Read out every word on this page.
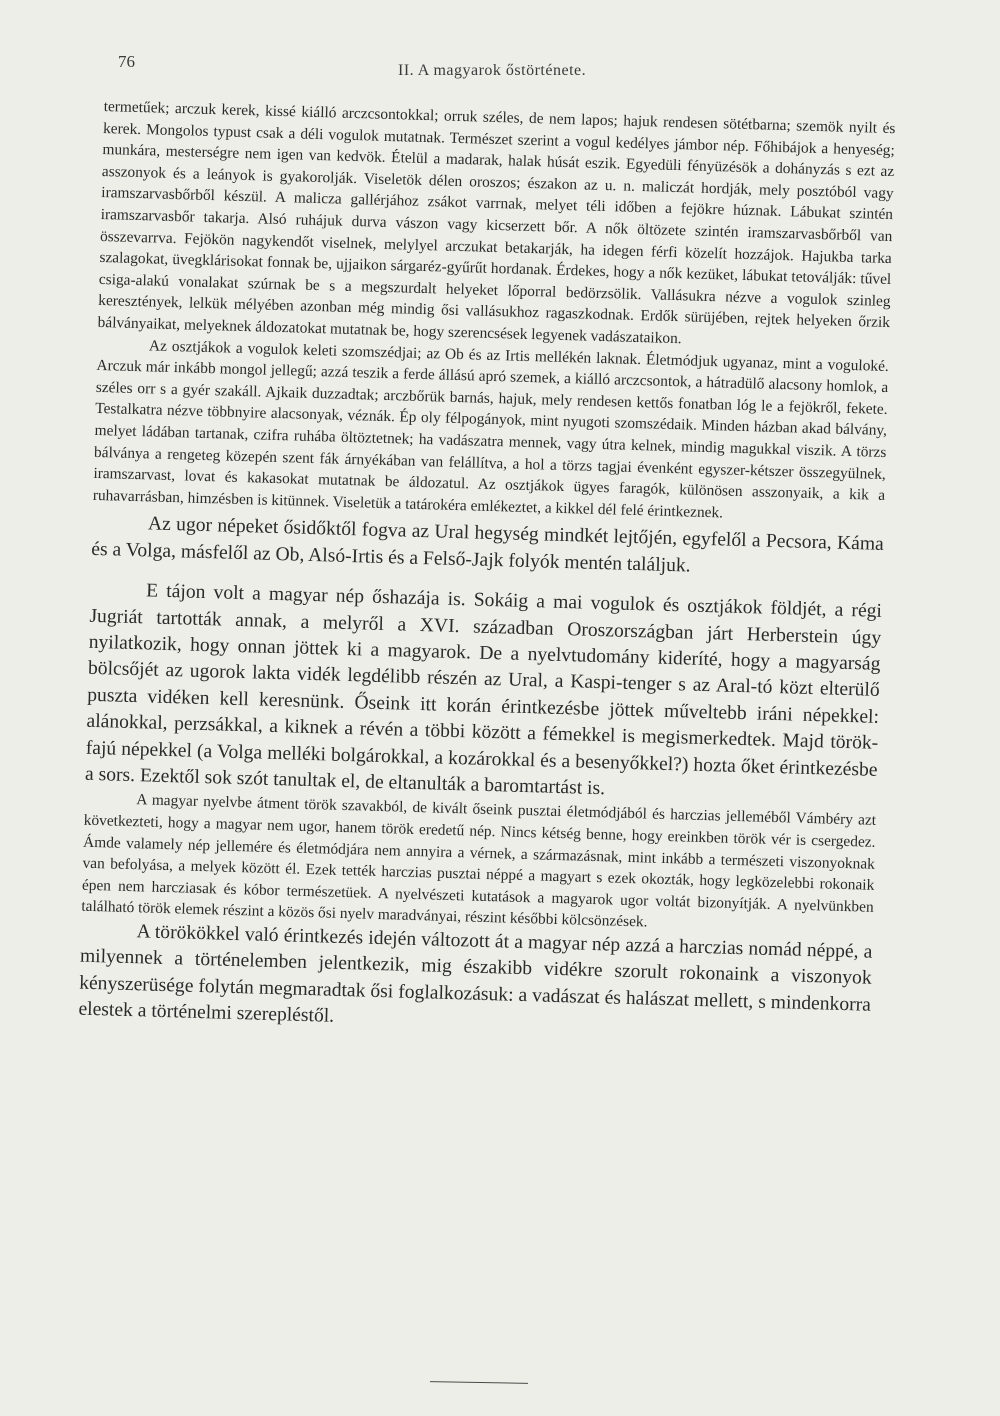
76	II. A magyarok őstörténete.

termetűek; arczuk kerek, kissé kiálló arczcsontokkal; orruk széles, de nem lapos; hajuk rendesen sötétbarna; szemök nyilt és kerek. Mongolos typust csak a déli vogulok mutatnak. Természet szerint a vogul kedélyes jámbor nép. Főhibájok a henyeség; munkára, mesterségre nem igen van kedvök. Ételül a madarak, halak húsát eszik. Egyedüli fényüzésök a dohányzás s ezt az asszonyok és a leányok is gyakorolják. Viseletök délen oroszos; északon az u. n. maliczát hordják, mely posztóból vagy iramszarvasbőrből készül. A malicza gallérjához zsákot varrnak, melyet téli időben a fejökre húznak. Lábukat szintén iramszarvasbőr takarja. Alsó ruhájuk durva vászon vagy kicserzett bőr. A nők öltözete szintén iramszarvasbőrből van összevarrva. Fejökön nagykendőt viselnek, melylyel arczukat betakarják, ha idegen férfi közelít hozzájok. Hajukba tarka szalagokat, üvegklárisokat fonnak be, ujjaikon sárgaréz-gyűrűt hordanak. Érdekes, hogy a nők kezüket, lábukat tetoválják: tűvel csiga-alakú vonalakat szúrnak be s a megszurdalt helyeket lőporral bedörzsölik. Vallásukra nézve a vogulok szinleg keresztények, lelkük mélyében azonban még mindig ősi vallásukhoz ragaszkodnak. Erdők sürüjében, rejtek helyeken őrzik bálványaikat, melyeknek áldozatokat mutatnak be, hogy szerencsések legyenek vadászataikon.

Az osztjákok a vogulok keleti szomszédjai; az Ob és az Irtis mellékén laknak. Életmódjuk ugyanaz, mint a voguloké. Arczuk már inkább mongol jellegű; azzá teszik a ferde állású apró szemek, a kiálló arczcsontok, a hátradülő alacsony homlok, a széles orr s a gyér szakáll. Ajkaik duzzadtak; arczbőrük barnás, hajuk, mely rendesen kettős fonatban lóg le a fejökről, fekete. Testalkatra nézve többnyire alacsonyak, véznák. Ép oly félpogányok, mint nyugoti szomszédaik. Minden házban akad bálvány, melyet ládában tartanak, czifra ruhába öltöztetnek; ha vadászatra mennek, vagy útra kelnek, mindig magukkal viszik. A törzs bálványa a rengeteg közepén szent fák árnyékában van felállítva, a hol a törzs tagjai évenként egyszer-kétszer összegyülnek, iramszarvast, lovat és kakasokat mutatnak be áldozatul. Az osztjákok ügyes faragók, különösen asszonyaik, a kik a ruhavarrásban, himzésben is kitünnek. Viseletük a tatárokéra emlékeztet, a kikkel dél felé érintkeznek.

Az ugor népeket ősidőktől fogva az Ural hegység mindkét lejtőjén, egyfelől a Pecsora, Káma és a Volga, másfelől az Ob, Alsó-Irtis és a Felső-Jajk folyók mentén találjuk.

E tájon volt a magyar nép őshazája is. Sokáig a mai vogulok és osztjákok földjét, a régi Jugriát tartották annak, a melyről a XVI. században Oroszországban járt Herberstein úgy nyilatkozik, hogy onnan jöttek ki a magyarok. De a nyelvtudomány kideríté, hogy a magyarság bölcsőjét az ugorok lakta vidék legdélibb részén az Ural, a Kaspi-tenger s az Aral-tó közt elterülő puszta vidéken kell keresnünk. Őseink itt korán érintkezésbe jöttek műveltebb iráni népekkel: alánokkal, perzsákkal, a kiknek a révén a többi között a fémekkel is megismerkedtek. Majd török-fajú népekkel (a Volga melléki bolgárokkal, a kozárokkal és a besenyőkkel?) hozta őket érintkezésbe a sors. Ezektől sok szót tanultak el, de eltanulták a baromtartást is.

A magyar nyelvbe átment török szavakból, de kivált őseink pusztai életmódjából és harczias jelleméből Vámbéry azt következteti, hogy a magyar nem ugor, hanem török eredetű nép. Nincs kétség benne, hogy ereinkben török vér is csergedez. Ámde valamely nép jellemére és életmódjára nem annyira a vérnek, a származásnak, mint inkább a természeti viszonyoknak van befolyása, a melyek között él. Ezek tették harczias pusztai néppé a magyart s ezek okozták, hogy legközelebbi rokonaik épen nem harcziasak és kóbor természetüek. A nyelvészeti kutatások a magyarok ugor voltát bizonyítják. A nyelvünkben található török elemek részint a közös ősi nyelv maradványai, részint későbbi kölcsönzések.

A törökökkel való érintkezés idején változott át a magyar nép azzá a harczias nomád néppé, a milyennek a történelemben jelentkezik, mig északibb vidékre szorult rokonaink a viszonyok kényszerüsége folytán megmaradtak ősi foglalkozásuk: a vadászat és halászat mellett, s mindenkorra elestek a történelmi szerepléstől.
